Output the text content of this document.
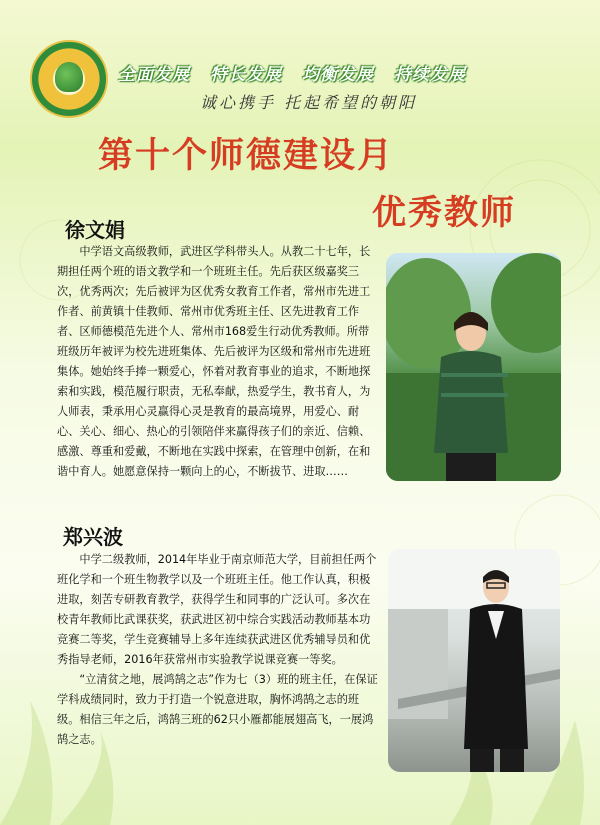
全面发展 特长发展 均衡发展 持续发展
诚心携手 托起希望的朝阳
第十个师德建设月
优秀教师
徐文娟

中学语文高级教师，武进区学科带头人。从教二十七年，长期担任两个班的语文教学和一个班班主任。先后获区级嘉奖三次，优秀两次；先后被评为区优秀女教育工作者，常州市先进工作者、前黄镇十佳教师、常州市优秀班主任、区先进教育工作者、区师德模范先进个人、常州市168爱生行动优秀教师。所带班级历年被评为校先进班集体、先后被评为区级和常州市先进班集体。她始终手捧一颗爱心，怀着对教育事业的追求，不断地探索和实践，模范履行职责，无私奉献，热爱学生，教书育人，为人师表，秉承用心灵赢得心灵是教育的最高境界，用爱心、耐心、关心、细心、热心的引领陪伴来赢得孩子们的亲近、信赖、感激、尊重和爱戴，不断地在实践中探索，在管理中创新，在和谐中育人。她愿意保持一颗向上的心，不断拔节、进取……

郑兴波

中学二级教师，2014年毕业于南京师范大学，目前担任两个班化学和一个班生物教学以及一个班班主任。他工作认真，积极进取，刻苦专研教育教学，获得学生和同事的广泛认可。多次在校青年教师比武课获奖，获武进区初中综合实践活动教师基本功竞赛二等奖，学生竞赛辅导上多年连续获武进区优秀辅导员和优秀指导老师，2016年获常州市实验教学说课竞赛一等奖。

“立清贫之地，展鸿鹄之志”作为七（3）班的班主任，在保证学科成绩同时，致力于打造一个锐意进取，胸怀鸿鹄之志的班级。相信三年之后，鸿鹄三班的62只小雁都能展翅高飞，一展鸿鹄之志。
